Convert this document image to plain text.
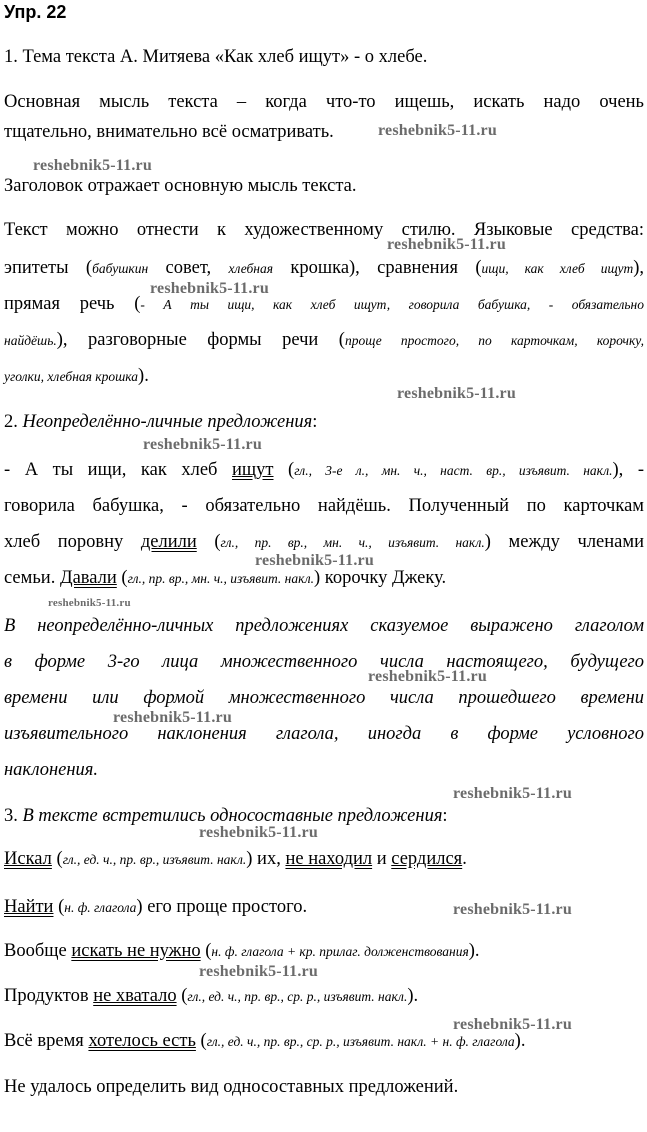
Упр. 22

1. Тема текста А. Митяева «Как хлеб ищут» - о хлебе.

Основная мысль текста – когда что-то ищешь, искать надо очень

тщательно, внимательно всё осматривать.

Заголовок отражает основную мысль текста.

Текст можно отнести к художественному стилю. Языковые средства:

эпитеты (бабушкин совет, хлебная крошка), сравнения (ищи, как хлеб ищут),

прямая речь (- А ты ищи, как хлеб ищут, говорила бабушка, - обязательно

найдёшь.), разговорные формы речи (проще простого, по карточкам, корочку,

уголки, хлебная крошка).

2. Неопределённо-личные предложения:

- А ты ищи, как хлеб ищут (гл., 3-е л., мн. ч., наст. вр., изъявит. накл.), -

говорила бабушка, - обязательно найдёшь. Полученный по карточкам

хлеб поровну делили (гл., пр. вр., мн. ч., изъявит. накл.) между членами

семьи. Давали (гл., пр. вр., мн. ч., изъявит. накл.) корочку Джеку.

В неопределённо-личных предложениях сказуемое выражено глаголом

в форме 3-го лица множественного числа настоящего, будущего

времени или формой множественного числа прошедшего времени

изъявительного наклонения глагола, иногда в форме условного

наклонения.

3. В тексте встретились односоставные предложения:

Искал (гл., ед. ч., пр. вр., изъявит. накл.) их, не находил и сердился.

Найти (н. ф. глагола) его проще простого.

Вообще искать не нужно (н. ф. глагола + кр. прилаг. долженствования).

Продуктов не хватало (гл., ед. ч., пр. вр., ср. р., изъявит. накл.).

Всё время хотелось есть (гл., ед. ч., пр. вр., ср. р., изъявит. накл. + н. ф. глагола).

Не удалось определить вид односоставных предложений.

reshebnik5-11.ru
reshebnik5-11.ru
reshebnik5-11.ru
reshebnik5-11.ru
reshebnik5-11.ru
reshebnik5-11.ru
reshebnik5-11.ru
reshebnik5-11.ru
reshebnik5-11.ru
reshebnik5-11.ru
reshebnik5-11.ru
reshebnik5-11.ru
reshebnik5-11.ru
reshebnik5-11.ru
reshebnik5-11.ru
